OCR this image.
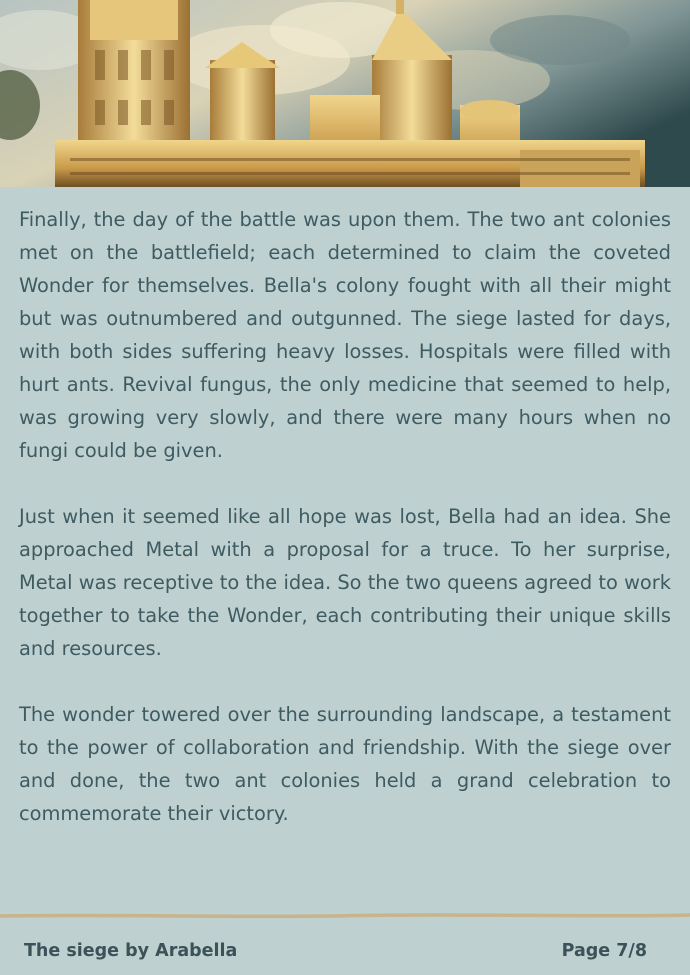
Finally, the day of the battle was upon them. The two ant colonies met on the battlefield; each determined to claim the coveted Wonder for themselves. Bella's colony fought with all their might but was outnumbered and outgunned. The siege lasted for days, with both sides suffering heavy losses. Hospitals were filled with hurt ants. Revival fungus, the only medicine that seemed to help, was growing very slowly, and there were many hours when no fungi could be given.

Just when it seemed like all hope was lost, Bella had an idea. She approached Metal with a proposal for a truce. To her surprise, Metal was receptive to the idea. So the two queens agreed to work together to take the Wonder, each contributing their unique skills and resources.

The wonder towered over the surrounding landscape, a testament to the power of collaboration and friendship. With the siege over and done, the two ant colonies held a grand celebration to commemorate their victory.

The siege by Arabella	Page 7/8
